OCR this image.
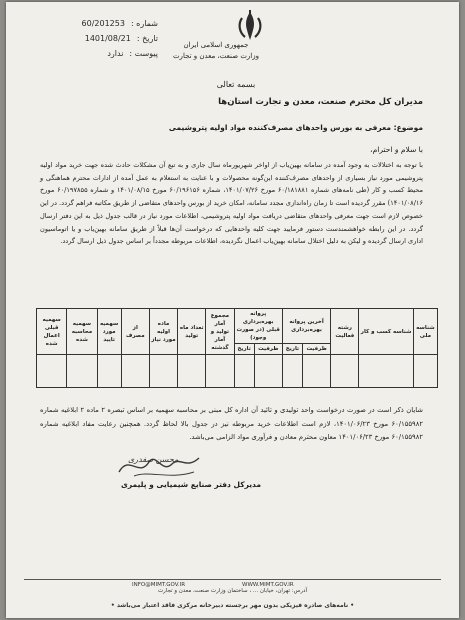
شماره :
60/201253
تاریخ :
1401/08/21
پیوست :
ندارد
جمهوری اسلامی ایران
وزارت صنعت، معدن و تجارت
بسمه تعالی
مدیران کل محترم صنعت، معدن و تجارت استان‌ها
موضوع: معرفی به بورس واحدهای مصرف‌کننده مواد اولیه پتروشیمی
با سلام و احترام،
با توجه به اختلالات به وجود آمده در سامانه بهین‌یاب از اواخر شهریورماه سال جاری و به تبع آن مشکلات حادث شده جهت خرید مواد اولیه پتروشیمی مورد نیاز بسیاری از واحدهای مصرف‌کننده این‌گونه محصولات و با عنایت به استعلام به عمل آمده از ادارات محترم هماهنگی و محیط کسب و کار (طی نامه‌های شماره ۶۰/۱۸۱۸۸۱ مورخ ۱۴۰۱/۰۷/۲۶، شماره ۶۰/۱۹۶۱۵۶ مورخ ۱۴۰۱/۰۸/۱۵ و شماره ۶۰/۱۹۷۸۵۵ مورخ ۱۴۰۱/۰۸/۱۶) مقرر گردیده است تا زمان راه‌اندازی مجدد سامانه، امکان خرید از بورس واحدهای متقاضی از طریق مکاتبه فراهم گردد. در این خصوص لازم است جهت معرفی واحدهای متقاضی دریافت مواد اولیه پتروشیمی، اطلاعات مورد نیاز در قالب جدول ذیل به این دفتر ارسال گردد. در این رابطه خواهشمندست دستور فرمایید جهت کلیه واحدهایی که درخواست آن‌ها قبلاً از طریق سامانه بهین‌یاب و یا اتوماسیون اداری ارسال گردیده و لیکن به دلیل اختلال سامانه بهین‌یاب اعمال نگردیده، اطلاعات مربوطه مجدداً بر اساس جدول ذیل ارسال گردد.
شناسه ملی	شناسه کسب و کار	رشته فعالیت	آخرین پروانه بهره‌برداری		پروانه بهره‌برداری قبلی (در صورت وجود)		مجموع آمار تولید و آمار گذشته	تعداد ماه تولید	ماده اولیه مورد نیاز	از مصرف	سهمیه مورد تایید	سهمیه محاسبه شده	سهمیه قبلی اعمال شده
			ظرفیت	تاریخ	ظرفیت	تاریخ							

شایان ذکر است در صورت درخواست واحد تولیدی و تائید آن اداره کل مبنی بر محاسبه سهمیه بر اساس تبصره ۲ ماده ۲ ابلاغیه شماره ۶۰/۱۵۵۹۸۲ مورخ ۱۴۰۱/۰۶/۲۳، لازم است اطلاعات خرید مربوطه نیز در جدول بالا لحاظ گردد. همچنین رعایت مفاد ابلاغیه شماره ۶۰/۱۵۵۹۸۲ مورخ ۱۴۰۱/۰۶/۲۳ معاون محترم معادن و فرآوری مواد الزامی می‌باشد.
محسن صفدری
مدیرکل دفتر صنایع شیمیایی و پلیمری
INFO@MIMT.GOV.IR	WWW.MIMT.GOV.IR
آدرس: تهران، خیابان ... ، ساختمان وزارت صنعت، معدن و تجارت
• نامه‌های صادره فیزیکی بدون مهر برجسته دبیرخانه مرکزی فاقد اعتبار می‌باشد •
